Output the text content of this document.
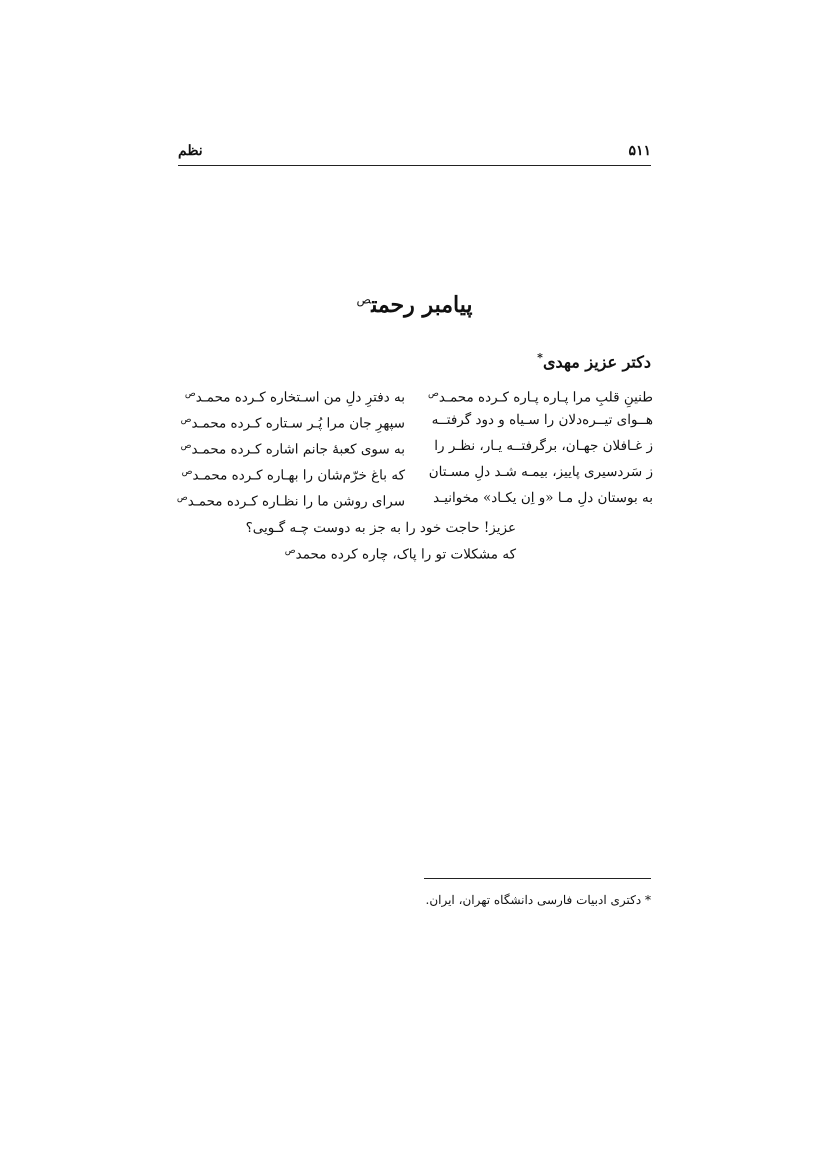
۵۱۱
نظم
پیامبر رحمت$^ص$
دکتر عزیز مهدی*
طنینِ قلبِ مرا پـاره پـاره کـرده محمـد$^ص$
به دفترِ دلِ من اسـتخاره کـرده محمـد$^ص$
هــوای تیــره‌دلان را سـیاه و دود گرفتــه
سپهرِ جان مرا پُـر سـتاره کـرده محمـد$^ص$
ز غـافلان جهـان، برگرفتــه یـار، نظـر را
به سوی کعبهٔ جانم اشاره کـرده محمـد$^ص$
ز سَردسیری پاییز، بیمـه شـد دلِ مسـتان
که باغ خرّم‌شان را بهـاره کـرده محمـد$^ص$
به بوستان دلِ مـا «و اِن یکـاد» مخوانیـد
سرای روشن ما را نظـاره کـرده محمـد$^ص$
عزیز! حاجت خود را به جز به دوست چـه گـویی؟
که مشکلات تو را پاک، چاره کرده محمد$^ص$
* دکتری ادبیات فارسی دانشگاه تهران، ایران.
